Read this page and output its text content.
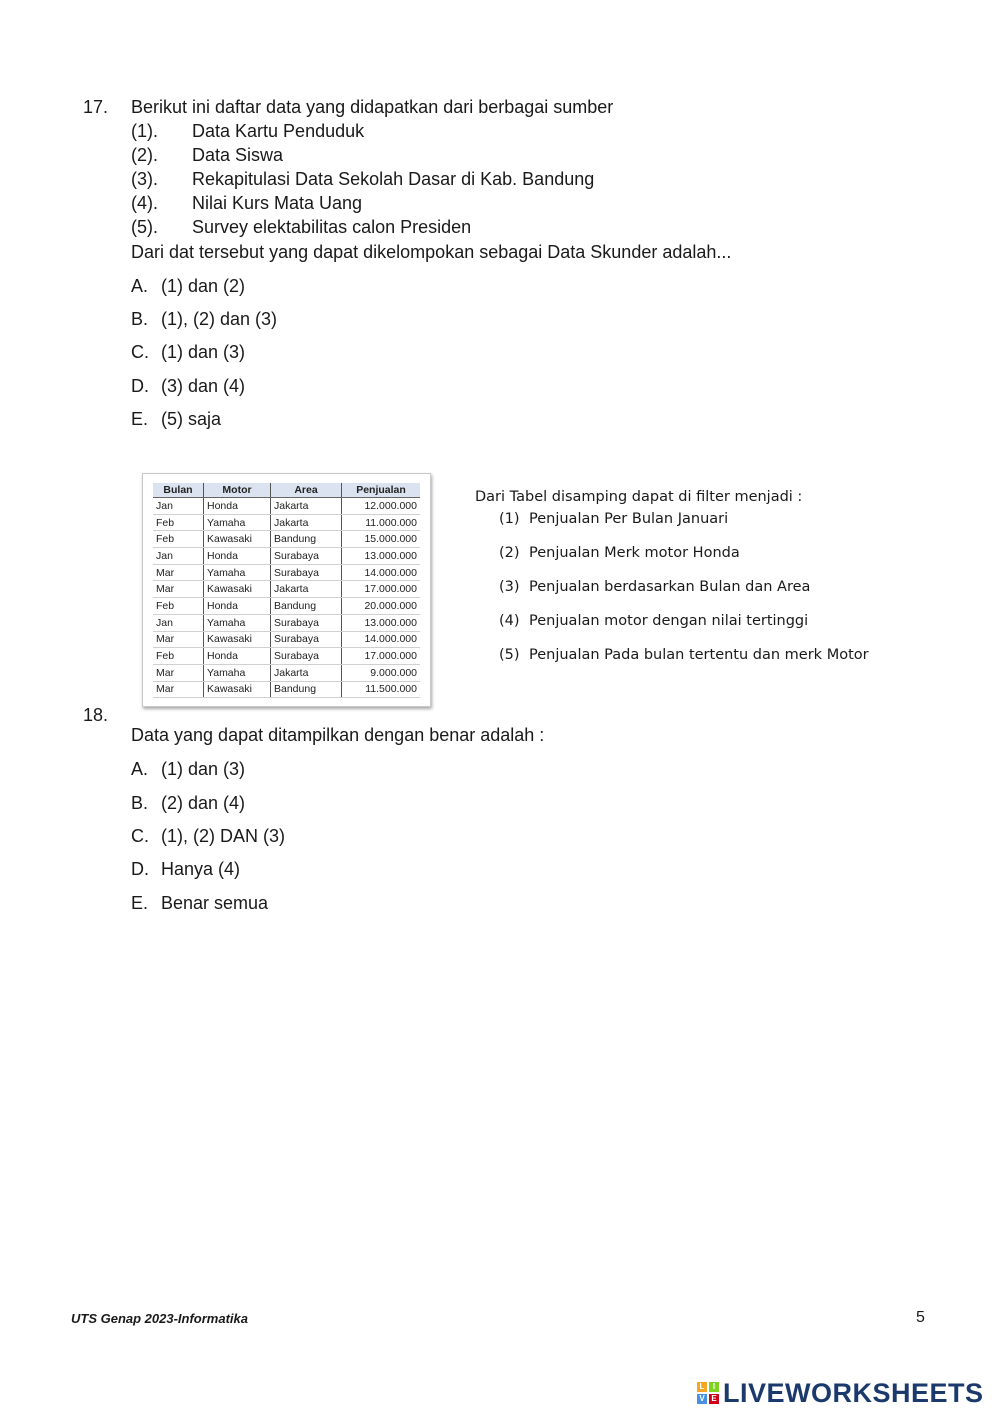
17. Berikut ini daftar data yang didapatkan dari berbagai sumber
(1). Data Kartu Penduduk
(2). Data Siswa
(3). Rekapitulasi Data Sekolah Dasar di Kab. Bandung
(4). Nilai Kurs Mata Uang
(5). Survey elektabilitas calon Presiden
Dari dat tersebut yang dapat dikelompokan sebagai Data Skunder adalah...
A. (1) dan (2)
B. (1), (2) dan (3)
C. (1) dan (3)
D. (3) dan (4)
E. (5) saja
Bulan	Motor	Area	Penjualan
Jan	Honda	Jakarta	12.000.000
Feb	Yamaha	Jakarta	11.000.000
Feb	Kawasaki	Bandung	15.000.000
Jan	Honda	Surabaya	13.000.000
Mar	Yamaha	Surabaya	14.000.000
Mar	Kawasaki	Jakarta	17.000.000
Feb	Honda	Bandung	20.000.000
Jan	Yamaha	Surabaya	13.000.000
Mar	Kawasaki	Surabaya	14.000.000
Feb	Honda	Surabaya	17.000.000
Mar	Yamaha	Jakarta	9.000.000
Mar	Kawasaki	Bandung	11.500.000
Dari Tabel disamping dapat di filter menjadi :
(1) Penjualan Per Bulan Januari
(2) Penjualan Merk motor Honda
(3) Penjualan berdasarkan Bulan dan Area
(4) Penjualan motor dengan nilai tertinggi
(5) Penjualan Pada bulan tertentu dan merk Motor
18.
Data yang dapat ditampilkan dengan benar adalah :
A. (1) dan (3)
B. (2) dan (4)
C. (1), (2) DAN (3)
D. Hanya (4)
E. Benar semua
UTS Genap 2023-Informatika	5
L	I
V E LIVEWORKSHEETS
